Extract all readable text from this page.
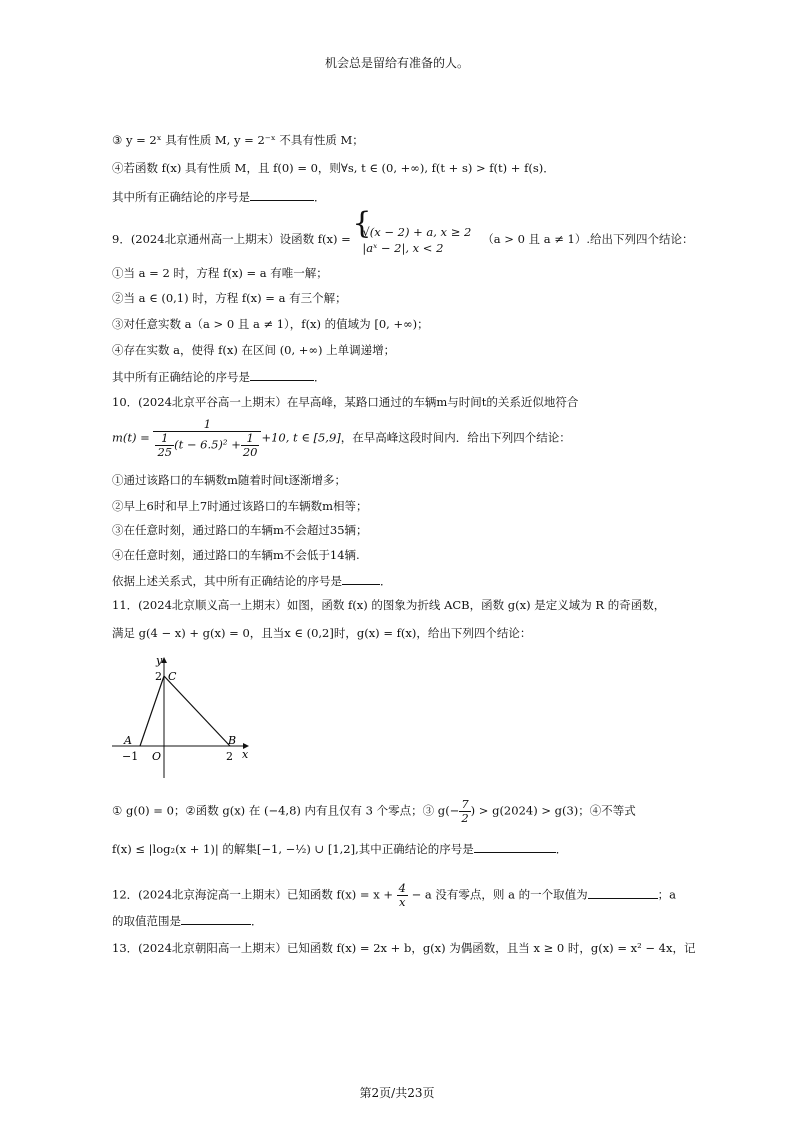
机会总是留给有准备的人。
③ y = 2ˣ 具有性质 M, y = 2⁻ˣ 不具有性质 M；
④若函数 f(x) 具有性质 M，且 f(0) = 0，则∀s, t ∈ (0, +∞), f(t + s) > f(t) + f(s)．
其中所有正确结论的序号是	．
9．(2024北京通州高一上期末）设函数 f(x) =
{ √(x − 2) + a, x ≥ 2
|aˣ − 2|, x < 2
（a > 0 且 a ≠ 1）.给出下列四个结论：
①当 a = 2 时，方程 f(x) = a 有唯一解；
②当 a ∈ (0,1) 时，方程 f(x) = a 有三个解；
③对任意实数 a（a > 0 且 a ≠ 1），f(x) 的值域为 [0, +∞)；
④存在实数 a，使得 f(x) 在区间 (0, +∞) 上单调递增；
其中所有正确结论的序号是	．
10．(2024北京平谷高一上期末）在早高峰，某路口通过的车辆m与时间t的关系近似地符合
$m(t) = \frac{1}{\frac{1}{25} (t - 6.5)^2 + \frac{1}{20}} +10$, t ∈ [5,9]，在早高峰这段时间内．给出下列四个结论：
①通过该路口的车辆数m随着时间t逐渐增多；
②早上6时和早上7时通过该路口的车辆数m相等；
③在任意时刻，通过路口的车辆m不会超过35辆；
④在任意时刻，通过路口的车辆m不会低于14辆.
依据上述关系式，其中所有正确结论的序号是	．
11．(2024北京顺义高一上期末）如图，函数 f(x) 的图象为折线 ACB，函数 g(x) 是定义域为 R 的奇函数，
满足 g(4 − x) + g(x) = 0，且当x ∈ (0,2]时，g(x) = f(x)，给出下列四个结论：
y
x
C
2
A	B
O
−1	2
① g(0) = 0；②函数 g(x) 在 (−4,8) 内有且仅有 3 个零点；③ $g(- \frac{7}{2}$ ) > g(2024) > g(3)；④不等式
f(x) ≤ |log₂(x + 1)| 的解集[−1, −½) ∪ [1,2],其中正确结论的序号是	．
12．(2024北京海淀高一上期末）已知函数 $f(x) = x + \frac{4}{x} - a$ 没有零点，则 a 的一个取值为	；a
的取值范围是	．
13．(2024北京朝阳高一上期末）已知函数 f(x) = 2x + b，g(x) 为偶函数，且当 x ≥ 0 时，g(x) = x² − 4x，记
第2页/共23页
